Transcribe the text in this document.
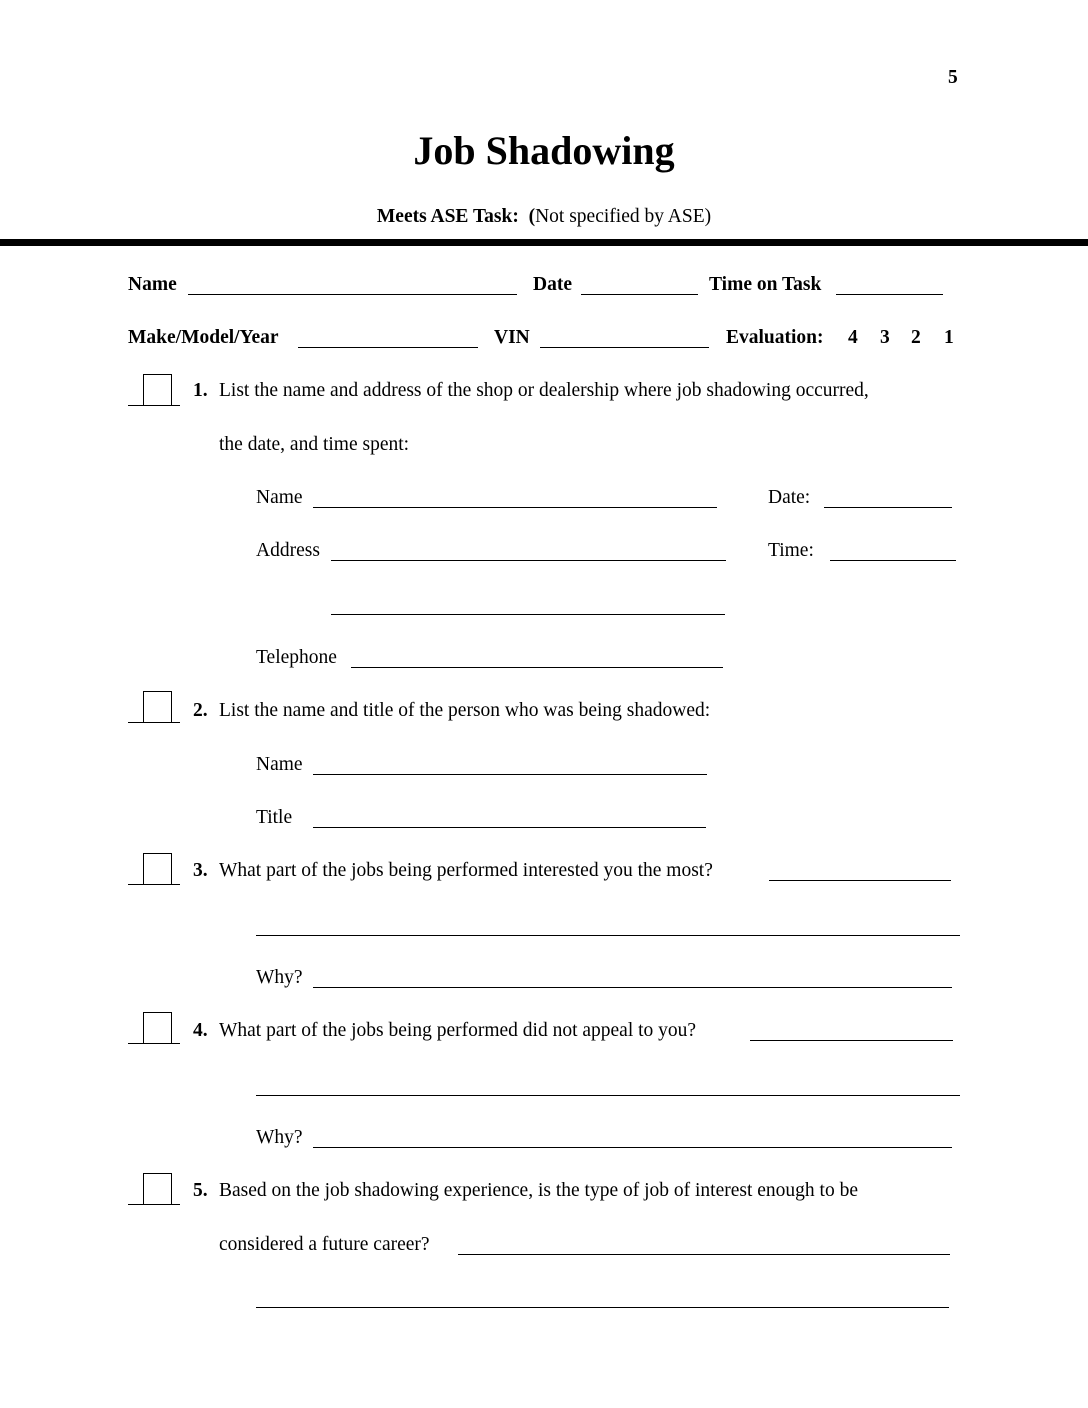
5
Job Shadowing
Meets ASE Task: (Not specified by ASE)
Name	Date	Time on Task
Make/Model/Year	VIN	Evaluation: 4 3 2 1
1. List the name and address of the shop or dealership where job shadowing occurred,
the date, and time spent:
Name	Date:
Address	Time:
Telephone
2. List the name and title of the person who was being shadowed:
Name
Title
3. What part of the jobs being performed interested you the most?
Why?
4. What part of the jobs being performed did not appeal to you?
Why?
5. Based on the job shadowing experience, is the type of job of interest enough to be
considered a future career?
